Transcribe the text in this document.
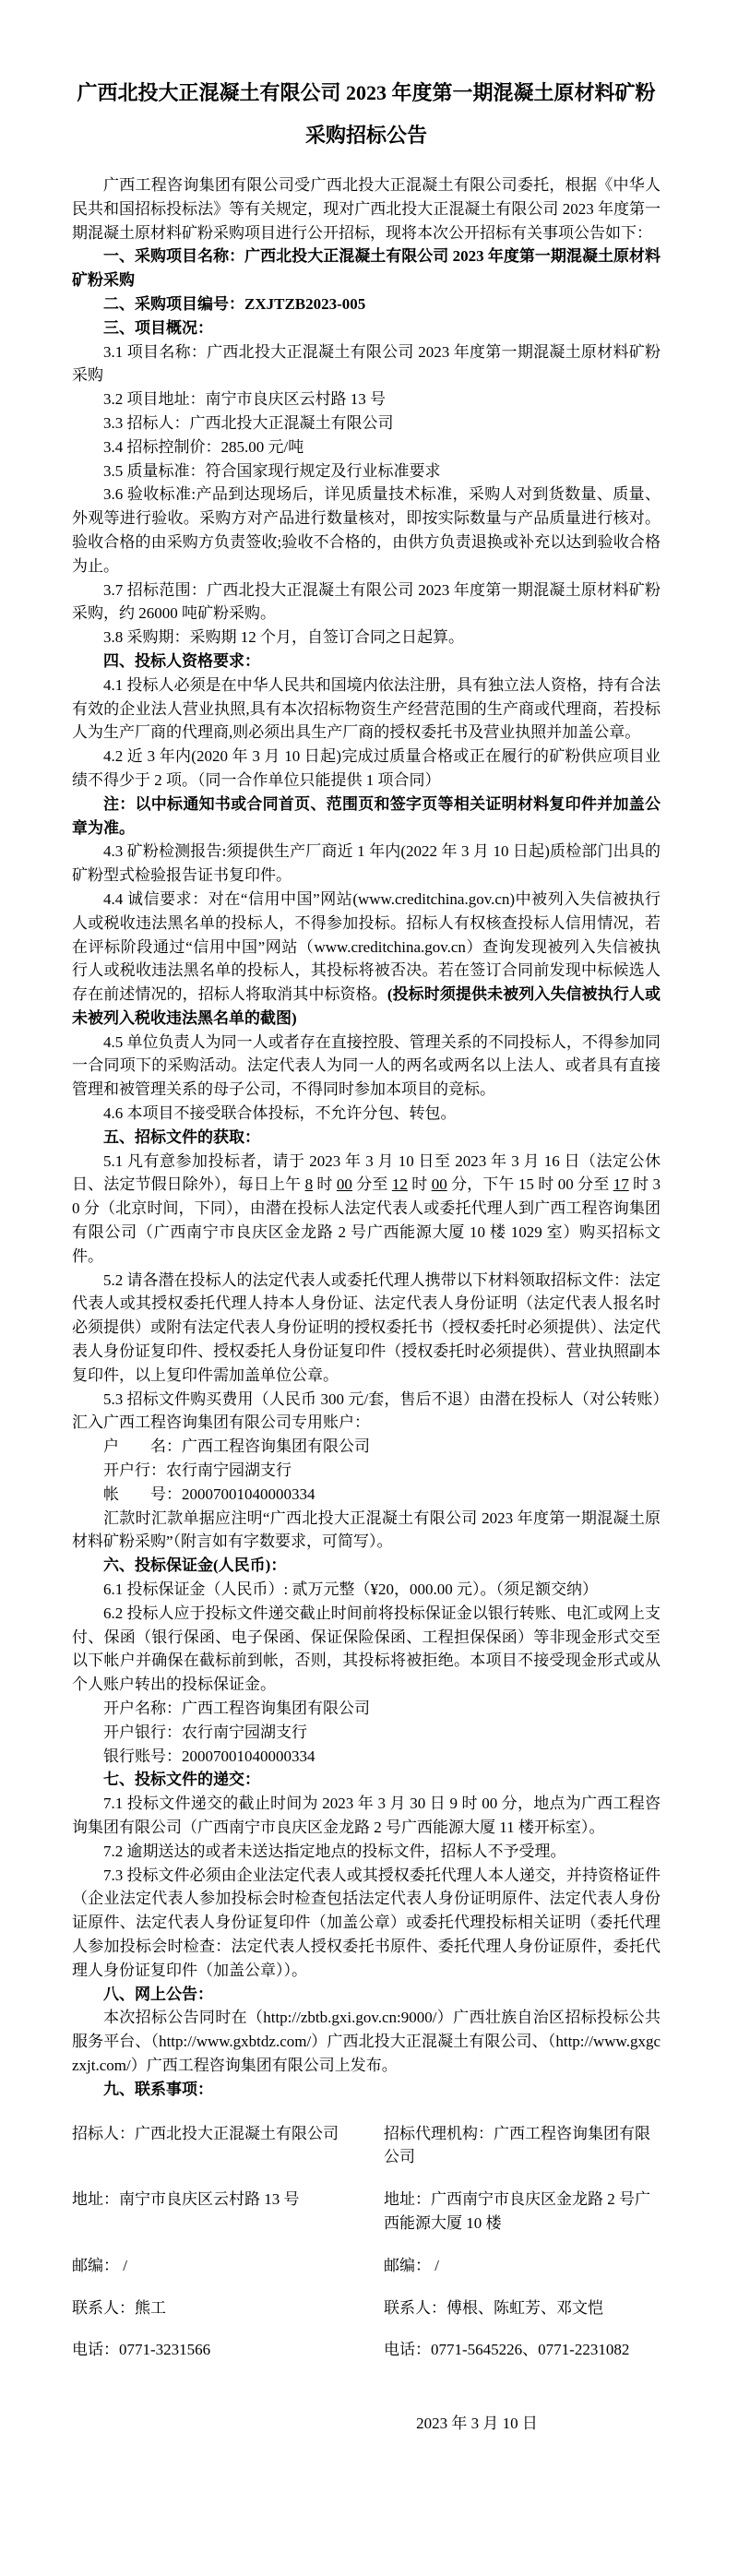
广西北投大正混凝土有限公司 2023 年度第一期混凝土原材料矿粉
采购招标公告

广西工程咨询集团有限公司受广西北投大正混凝土有限公司委托，根据《中华人民共和国招标投标法》等有关规定，现对广西北投大正混凝土有限公司 2023 年度第一期混凝土原材料矿粉采购项目进行公开招标，现将本次公开招标有关事项公告如下：

一、采购项目名称：广西北投大正混凝土有限公司 2023 年度第一期混凝土原材料矿粉采购

二、采购项目编号：ZXJTZB2023-005

三、项目概况：

3.1 项目名称：广西北投大正混凝土有限公司 2023 年度第一期混凝土原材料矿粉采购

3.2 项目地址：南宁市良庆区云村路 13 号

3.3 招标人：广西北投大正混凝土有限公司

3.4 招标控制价：285.00 元/吨

3.5 质量标准：符合国家现行规定及行业标准要求

3.6 验收标准:产品到达现场后，详见质量技术标准，采购人对到货数量、质量、外观等进行验收。采购方对产品进行数量核对，即按实际数量与产品质量进行核对。验收合格的由采购方负责签收;验收不合格的，由供方负责退换或补充以达到验收合格为止。

3.7 招标范围：广西北投大正混凝土有限公司 2023 年度第一期混凝土原材料矿粉采购，约 26000 吨矿粉采购。

3.8 采购期：采购期 12 个月，自签订合同之日起算。

四、投标人资格要求：

4.1 投标人必须是在中华人民共和国境内依法注册，具有独立法人资格，持有合法有效的企业法人营业执照,具有本次招标物资生产经营范围的生产商或代理商，若投标人为生产厂商的代理商,则必须出具生产厂商的授权委托书及营业执照并加盖公章。

4.2 近 3 年内(2020 年 3 月 10 日起)完成过质量合格或正在履行的矿粉供应项目业绩不得少于 2 项。（同一合作单位只能提供 1 项合同）

注：以中标通知书或合同首页、范围页和签字页等相关证明材料复印件并加盖公章为准。

4.3 矿粉检测报告:须提供生产厂商近 1 年内(2022 年 3 月 10 日起)质检部门出具的矿粉型式检验报告证书复印件。

4.4 诚信要求：对在“信用中国”网站(www.creditchina.gov.cn)中被列入失信被执行人或税收违法黑名单的投标人，不得参加投标。招标人有权核查投标人信用情况，若在评标阶段通过“信用中国”网站（www.creditchina.gov.cn）查询发现被列入失信被执行人或税收违法黑名单的投标人，其投标将被否决。若在签订合同前发现中标候选人存在前述情况的，招标人将取消其中标资格。(投标时须提供未被列入失信被执行人或未被列入税收违法黑名单的截图)

4.5 单位负责人为同一人或者存在直接控股、管理关系的不同投标人，不得参加同一合同项下的采购活动。法定代表人为同一人的两名或两名以上法人、或者具有直接管理和被管理关系的母子公司，不得同时参加本项目的竞标。

4.6 本项目不接受联合体投标，不允许分包、转包。

五、招标文件的获取：

5.1 凡有意参加投标者，请于 2023 年 3 月 10 日至 2023 年 3 月 16 日（法定公休日、法定节假日除外），每日上午 8 时 00 分至 12 时 00 分，下午 15 时 00 分至 17 时 30 分（北京时间，下同），由潜在投标人法定代表人或委托代理人到广西工程咨询集团有限公司（广西南宁市良庆区金龙路 2 号广西能源大厦 10 楼 1029 室）购买招标文件。

5.2 请各潜在投标人的法定代表人或委托代理人携带以下材料领取招标文件：法定代表人或其授权委托代理人持本人身份证、法定代表人身份证明（法定代表人报名时必须提供）或附有法定代表人身份证明的授权委托书（授权委托时必须提供）、法定代表人身份证复印件、授权委托人身份证复印件（授权委托时必须提供）、营业执照副本复印件，以上复印件需加盖单位公章。

5.3 招标文件购买费用（人民币 300 元/套，售后不退）由潜在投标人（对公转账）汇入广西工程咨询集团有限公司专用账户：

户　　名：广西工程咨询集团有限公司

开户行：农行南宁园湖支行

帐　　号：20007001040000334

汇款时汇款单据应注明“广西北投大正混凝土有限公司 2023 年度第一期混凝土原材料矿粉采购”（附言如有字数要求，可简写）。

六、投标保证金(人民币)：

6.1 投标保证金（人民币）: 贰万元整（¥20，000.00 元）。（须足额交纳）

6.2 投标人应于投标文件递交截止时间前将投标保证金以银行转账、电汇或网上支付、保函（银行保函、电子保函、保证保险保函、工程担保保函）等非现金形式交至以下帐户并确保在截标前到帐，否则，其投标将被拒绝。本项目不接受现金形式或从个人账户转出的投标保证金。

开户名称：广西工程咨询集团有限公司

开户银行：农行南宁园湖支行

银行账号：20007001040000334

七、投标文件的递交：

7.1 投标文件递交的截止时间为 2023 年 3 月 30 日 9 时 00 分，地点为广西工程咨询集团有限公司（广西南宁市良庆区金龙路 2 号广西能源大厦 11 楼开标室）。

7.2 逾期送达的或者未送达指定地点的投标文件，招标人不予受理。

7.3 投标文件必须由企业法定代表人或其授权委托代理人本人递交，并持资格证件（企业法定代表人参加投标会时检查包括法定代表人身份证明原件、法定代表人身份证原件、法定代表人身份证复印件（加盖公章）或委托代理投标相关证明（委托代理人参加投标会时检查：法定代表人授权委托书原件、委托代理人身份证原件，委托代理人身份证复印件（加盖公章））。

八、网上公告：

本次招标公告同时在（http://zbtb.gxi.gov.cn:9000/）广西壮族自治区招标投标公共服务平台、（http://www.gxbtdz.com/）广西北投大正混凝土有限公司、（http://www.gxgczxjt.com/）广西工程咨询集团有限公司上发布。

九、联系事项：

招标人：广西北投大正混凝土有限公司	招标代理机构：广西工程咨询集团有限公司

地址：南宁市良庆区云村路 13 号	地址：广西南宁市良庆区金龙路 2 号广西能源大厦 10 楼

邮编： /	邮编： /

联系人：熊工	联系人：傅根、陈虹芳、邓文恺

电话：0771-3231566	电话：0771-5645226、0771-2231082

2023 年 3 月 10 日
